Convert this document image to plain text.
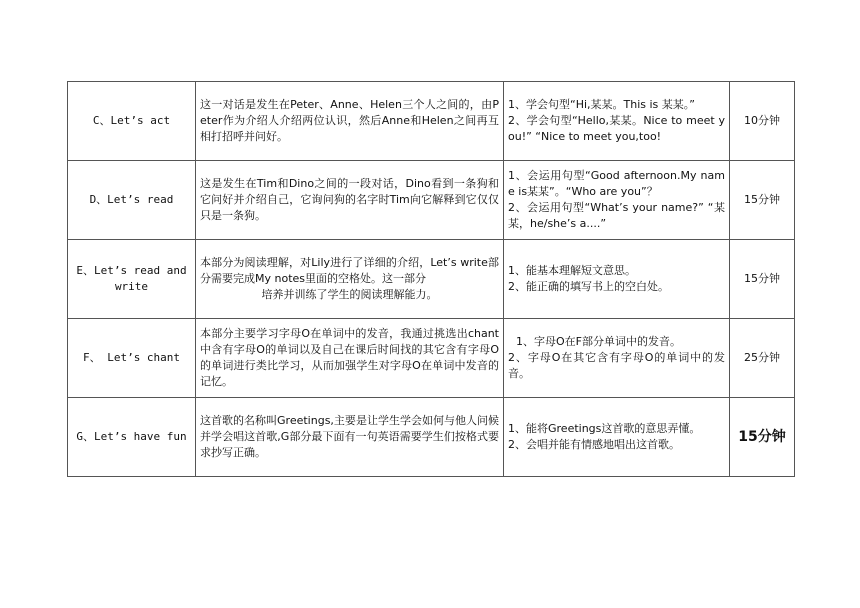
C、Let’s act	这一对话是发生在Peter、Anne、Helen三个人之间的，由Peter作为介绍人介绍两位认识，然后Anne和Helen之间再互相打招呼并问好。	1、学会句型“Hi,某某。This is 某某。”
2、学会句型“Hello,某某。Nice to meet you!” “Nice to meet you,too!	10分钟
D、Let’s read	这是发生在Tim和Dino之间的一段对话，Dino看到一条狗和它问好并介绍自己，它询问狗的名字时Tim向它解释到它仅仅只是一条狗。	1、会运用句型“Good afternoon.My name is某某”。“Who are you”？
2、会运用句型“What’s your name?” “某某，he/she’s a....”	15分钟
E、Let’s read and write	本部分为阅读理解，对Lily进行了详细的介绍，Let’s write部分需要完成My notes里面的空格处。这一部分
培养并训练了学生的阅读理解能力。	1、能基本理解短文意思。
2、能正确的填写书上的空白处。	15分钟
F、 Let’s chant	本部分主要学习字母O在单词中的发音，我通过挑选出chant中含有字母O的单词以及自己在课后时间找的其它含有字母O的单词进行类比学习，从而加强学生对字母O在单词中发音的记忆。	1、字母O在F部分单词中的发音。
2、字母O在其它含有字母O的单词中的发音。	25分钟
G、Let’s have fun	这首歌的名称叫Greetings,主要是让学生学会如何与他人问候并学会唱这首歌,G部分最下面有一句英语需要学生们按格式要求抄写正确。	1、能将Greetings这首歌的意思弄懂。
2、会唱并能有情感地唱出这首歌。	15分钟
